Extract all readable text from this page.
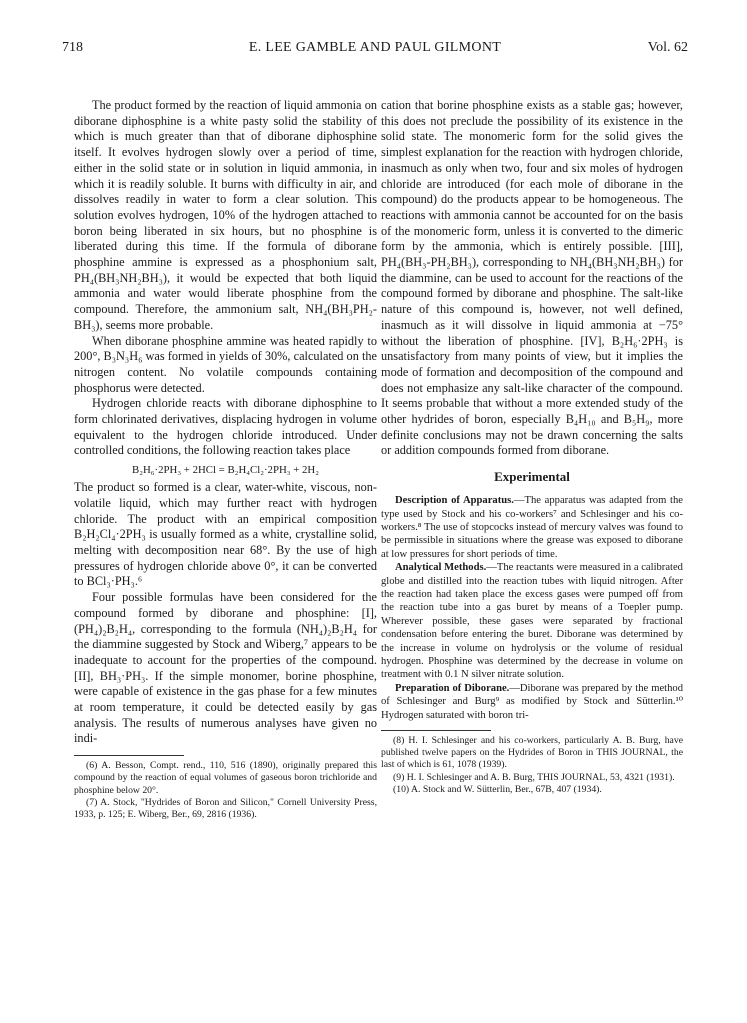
718	E. LEE GAMBLE AND PAUL GILMONT	Vol. 62

The product formed by the reaction of liquid ammonia on diborane diphosphine is a white pasty solid the stability of which is much greater than that of diborane diphosphine itself. It evolves hydrogen slowly over a period of time, either in the solid state or in solution in liquid ammonia, in which it is readily soluble. It burns with difficulty in air, and dissolves readily in water to form a clear solution. This solution evolves hydrogen, 10% of the hydrogen attached to boron being liberated in six hours, but no phosphine is liberated during this time. If the formula of diborane phosphine ammine is expressed as a phosphonium salt, PH₄(BH₃NH₂BH₃), it would be expected that both liquid ammonia and water would liberate phosphine from the compound. Therefore, the ammonium salt, NH₄(BH₃PH₂-BH₃), seems more probable.

When diborane phosphine ammine was heated rapidly to 200°, B₃N₃H₆ was formed in yields of 30%, calculated on the nitrogen content. No volatile compounds containing phosphorus were detected.

Hydrogen chloride reacts with diborane diphosphine to form chlorinated derivatives, displacing hydrogen in volume equivalent to the hydrogen chloride introduced. Under controlled conditions, the following reaction takes place

B₂H₆·2PH₃ + 2HCl = B₂H₄Cl₂·2PH₃ + 2H₂

The product so formed is a clear, water-white, viscous, non-volatile liquid, which may further react with hydrogen chloride. The product with an empirical composition B₂H₂Cl₄·2PH₃ is usually formed as a white, crystalline solid, melting with decomposition near 68°. By the use of high pressures of hydrogen chloride above 0°, it can be converted to BCl₃·PH₃.⁶

Four possible formulas have been considered for the compound formed by diborane and phosphine: [I], (PH₄)₂B₂H₄, corresponding to the formula (NH₄)₂B₂H₄ for the diammine suggested by Stock and Wiberg,⁷ appears to be inadequate to account for the properties of the compound. [II], BH₃·PH₃. If the simple monomer, borine phosphine, were capable of existence in the gas phase for a few minutes at room temperature, it could be detected easily by gas analysis. The results of numerous analyses have given no indi-

(6) A. Besson, Compt. rend., 110, 516 (1890), originally prepared this compound by the reaction of equal volumes of gaseous boron trichloride and phosphine below 20°.

(7) A. Stock, "Hydrides of Boron and Silicon," Cornell University Press, 1933, p. 125; E. Wiberg, Ber., 69, 2816 (1936).

cation that borine phosphine exists as a stable gas; however, this does not preclude the possibility of its existence in the solid state. The monomeric form for the solid gives the simplest explanation for the reaction with hydrogen chloride, inasmuch as only when two, four and six moles of hydrogen chloride are introduced (for each mole of diborane in the compound) do the products appear to be homogeneous. The reactions with ammonia cannot be accounted for on the basis of the monomeric form, unless it is converted to the dimeric form by the ammonia, which is entirely possible. [III], PH₄(BH₃-PH₂BH₃), corresponding to NH₄(BH₃NH₂BH₃) for the diammine, can be used to account for the reactions of the compound formed by diborane and phosphine. The salt-like nature of this compound is, however, not well defined, inasmuch as it will dissolve in liquid ammonia at −75° without the liberation of phosphine. [IV], B₂H₆·2PH₃ is unsatisfactory from many points of view, but it implies the mode of formation and decomposition of the compound and does not emphasize any salt-like character of the compound. It seems probable that without a more extended study of the other hydrides of boron, especially B₄H₁₀ and B₅H₉, more definite conclusions may not be drawn concerning the salts or addition compounds formed from diborane.

Experimental

Description of Apparatus.—The apparatus was adapted from the type used by Stock and his co-workers⁷ and Schlesinger and his co-workers.⁸ The use of stopcocks instead of mercury valves was found to be permissible in situations where the grease was exposed to diborane at low pressures for short periods of time.

Analytical Methods.—The reactants were measured in a calibrated globe and distilled into the reaction tubes with liquid nitrogen. After the reaction had taken place the excess gases were pumped off from the reaction tube into a gas buret by means of a Toepler pump. Wherever possible, these gases were separated by fractional condensation before entering the buret. Diborane was determined by the increase in volume on hydrolysis or the volume of residual hydrogen. Phosphine was determined by the decrease in volume on treatment with 0.1 N silver nitrate solution.

Preparation of Diborane.—Diborane was prepared by the method of Schlesinger and Burg⁹ as modified by Stock and Sütterlin.¹⁰ Hydrogen saturated with boron tri-

(8) H. I. Schlesinger and his co-workers, particularly A. B. Burg, have published twelve papers on the Hydrides of Boron in THIS JOURNAL, the last of which is 61, 1078 (1939).

(9) H. I. Schlesinger and A. B. Burg, THIS JOURNAL, 53, 4321 (1931).

(10) A. Stock and W. Sütterlin, Ber., 67B, 407 (1934).
